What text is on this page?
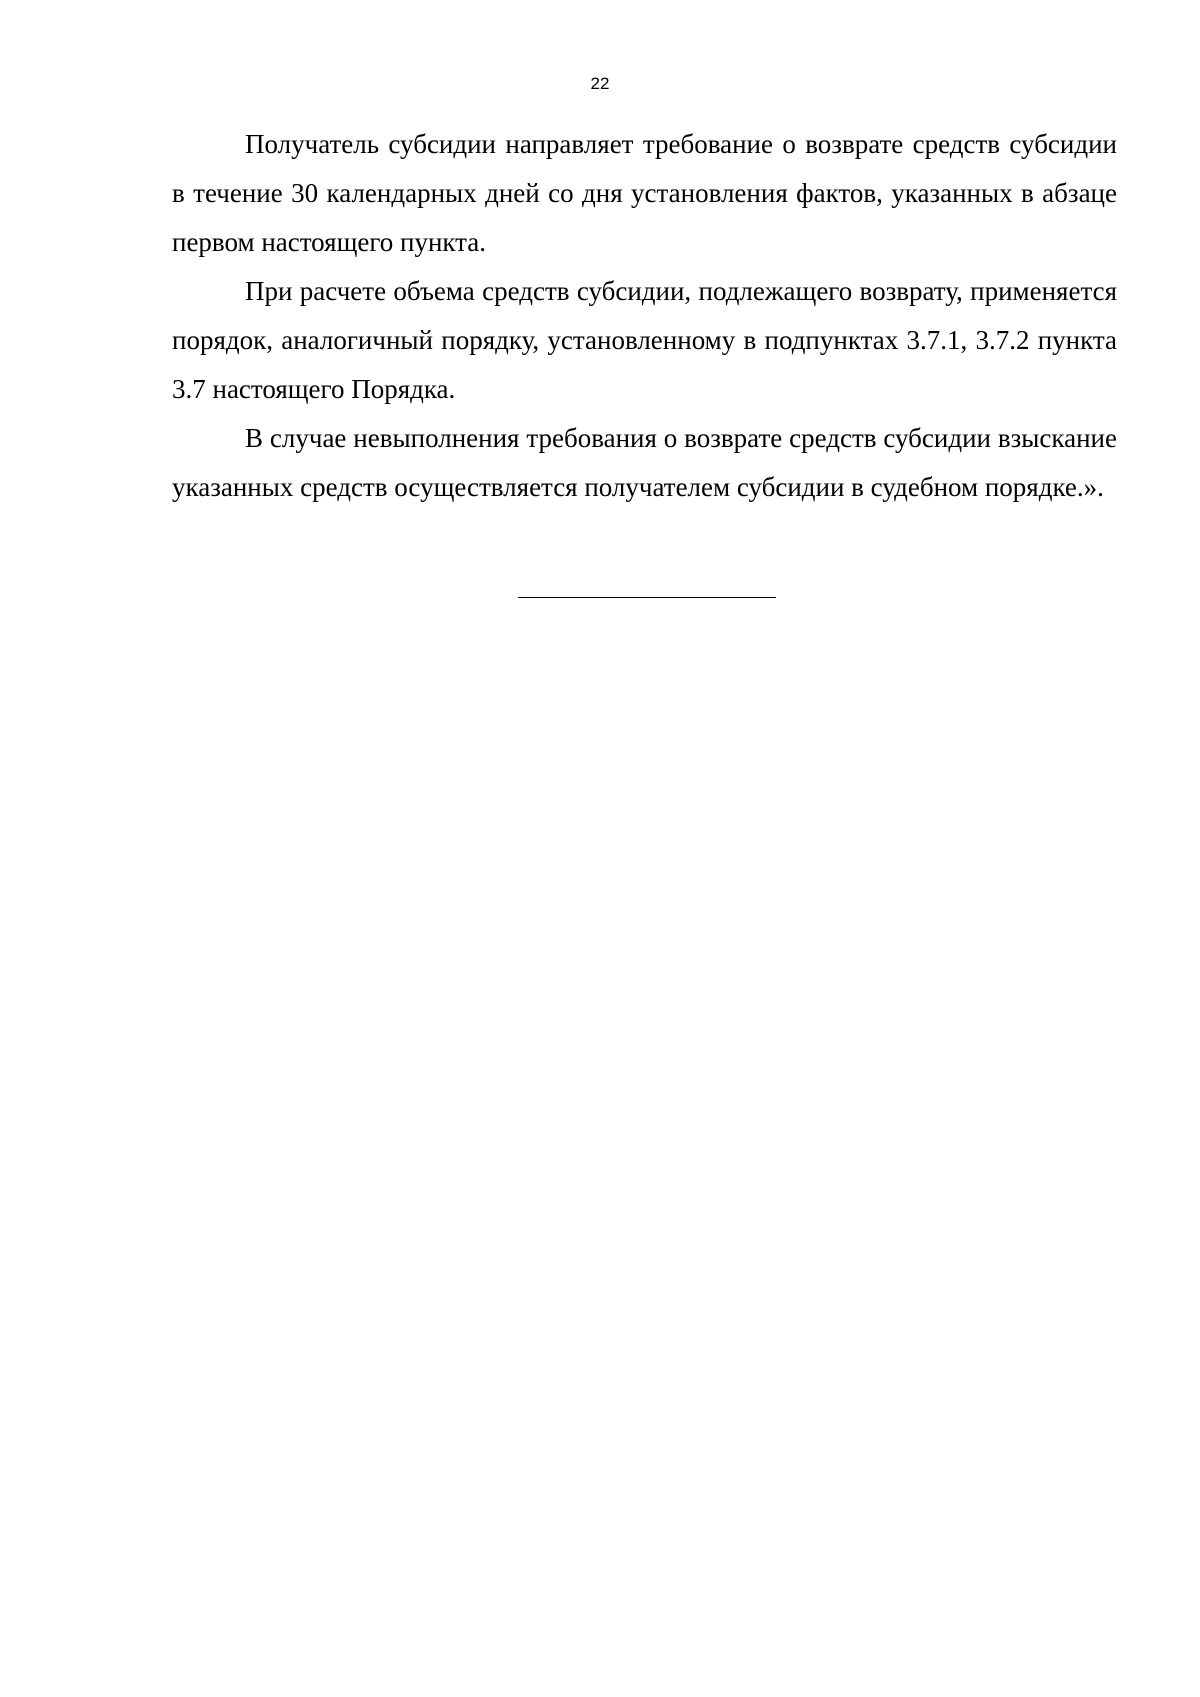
22

Получатель субсидии направляет требование о возврате средств субсидии в течение 30 календарных дней со дня установления фактов, указанных в абзаце первом настоящего пункта.

При расчете объема средств субсидии, подлежащего возврату, применяется порядок, аналогичный порядку, установленному в подпунктах 3.7.1, 3.7.2 пункта 3.7 настоящего Порядка.

В случае невыполнения требования о возврате средств субсидии взыскание указанных средств осуществляется получателем субсидии в судебном порядке.».
